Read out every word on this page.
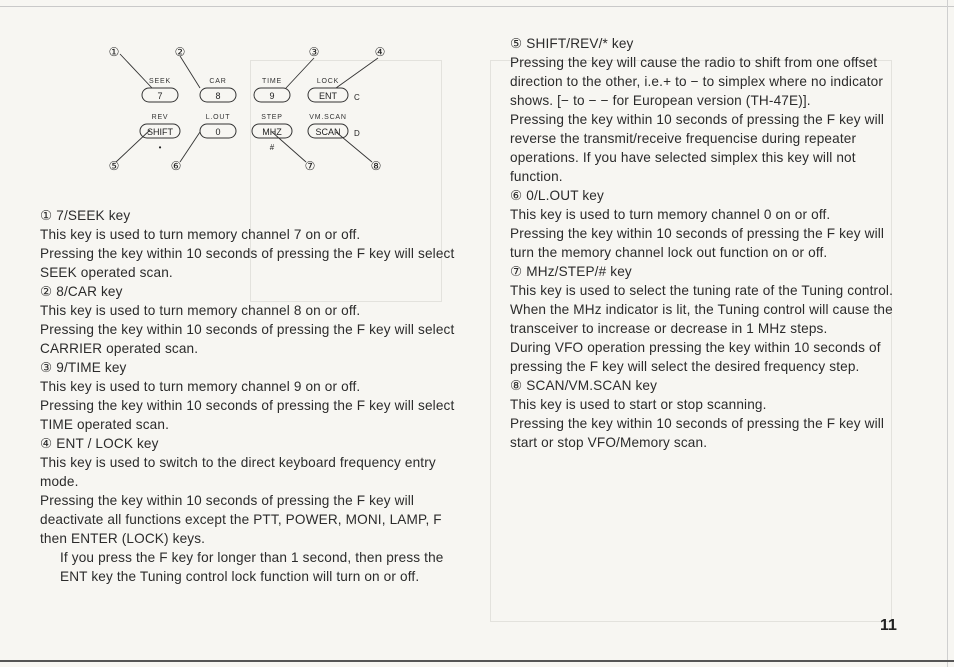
①	②	③	④
⑤	⑥	⑦	⑧
SEEK	CAR	TIME	LOCK
REV	L.OUT	STEP	VM.SCAN
7	8	9	ENT C
SHIFT	0	MHZ	SCAN D
•	#

① 7/SEEK key

This key is used to turn memory channel 7 on or off.

Pressing the key within 10 seconds of pressing the F key will select SEEK operated scan.

② 8/CAR key

This key is used to turn memory channel 8 on or off.

Pressing the key within 10 seconds of pressing the F key will select CARRIER operated scan.

③ 9/TIME key

This key is used to turn memory channel 9 on or off.

Pressing the key within 10 seconds of pressing the F key will select TIME operated scan.

④ ENT / LOCK key

This key is used to switch to the direct keyboard frequency entry mode.

Pressing the key within 10 seconds of pressing the F key will deactivate all functions except the PTT, POWER, MONI, LAMP, F then ENTER (LOCK) keys.

If you press the F key for longer than 1 second, then press the ENT key the Tuning control lock function will turn on or off.

⑤ SHIFT/REV/* key

Pressing the key will cause the radio to shift from one offset direction to the other, i.e.+ to − to simplex where no indicator shows. [− to − − for European version (TH-47E)].

Pressing the key within 10 seconds of pressing the F key will reverse the transmit/receive frequencise during repeater operations. If you have selected simplex this key will not function.

⑥ 0/L.OUT key

This key is used to turn memory channel 0 on or off.

Pressing the key within 10 seconds of pressing the F key will turn the memory channel lock out function on or off.

⑦ MHz/STEP/# key

This key is used to select the tuning rate of the Tuning control. When the MHz indicator is lit, the Tuning control will cause the transceiver to increase or decrease in 1 MHz steps.

During VFO operation pressing the key within 10 seconds of pressing the F key will select the desired frequency step.

⑧ SCAN/VM.SCAN key

This key is used to start or stop scanning.

Pressing the key within 10 seconds of pressing the F key will start or stop VFO/Memory scan.

11
